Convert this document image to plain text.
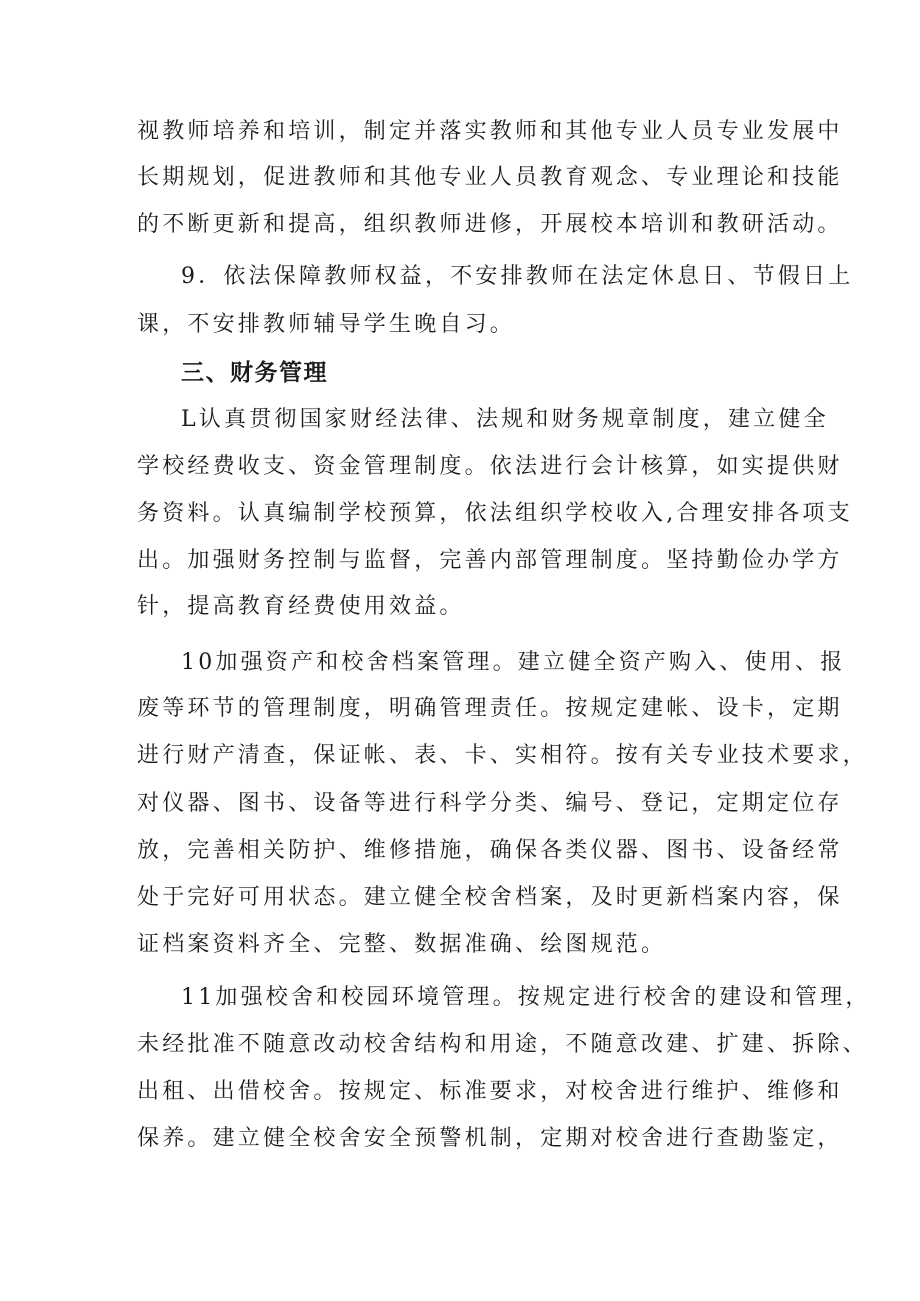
视教师培养和培训，制定并落实教师和其他专业人员专业发展中

长期规划，促进教师和其他专业人员教育观念、专业理论和技能

的不断更新和提高，组织教师进修，开展校本培训和教研活动。

9．依法保障教师权益，不安排教师在法定休息日、节假日上

课，不安排教师辅导学生晚自习。

三、财务管理

L认真贯彻国家财经法律、法规和财务规章制度，建立健全

学校经费收支、资金管理制度。依法进行会计核算，如实提供财

务资料。认真编制学校预算，依法组织学校收入,合理安排各项支

出。加强财务控制与监督，完善内部管理制度。坚持勤俭办学方

针，提高教育经费使用效益。

10加强资产和校舍档案管理。建立健全资产购入、使用、报

废等环节的管理制度，明确管理责任。按规定建帐、设卡，定期

进行财产清查，保证帐、表、卡、实相符。按有关专业技术要求，

对仪器、图书、设备等进行科学分类、编号、登记，定期定位存

放，完善相关防护、维修措施，确保各类仪器、图书、设备经常

处于完好可用状态。建立健全校舍档案，及时更新档案内容，保

证档案资料齐全、完整、数据准确、绘图规范。

11加强校舍和校园环境管理。按规定进行校舍的建设和管理，

未经批准不随意改动校舍结构和用途，不随意改建、扩建、拆除、

出租、出借校舍。按规定、标准要求，对校舍进行维护、维修和

保养。建立健全校舍安全预警机制，定期对校舍进行查勘鉴定，
